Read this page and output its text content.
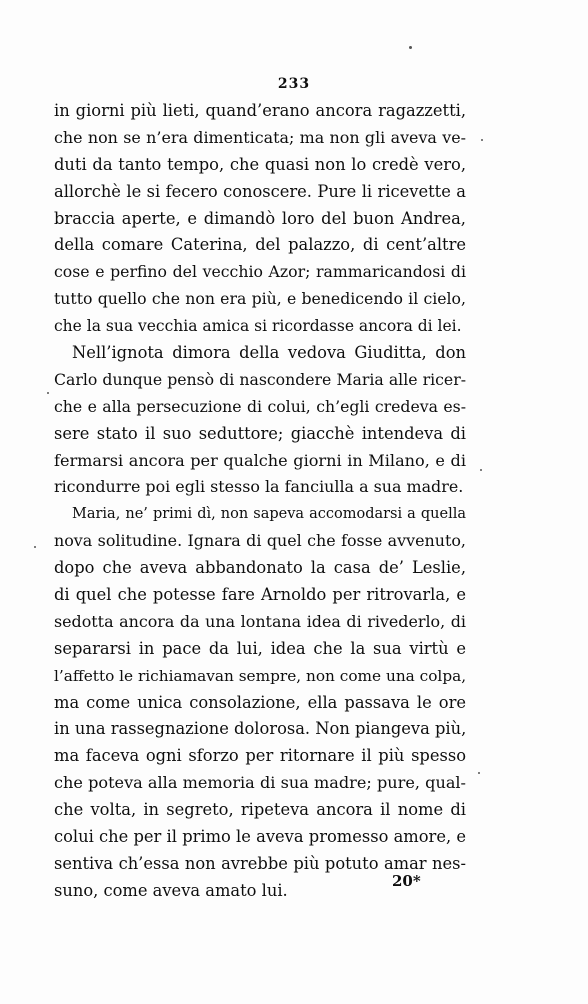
233
in giorni più lieti, quand’erano ancora ragazzetti,
che non se n’era dimenticata; ma non gli aveva ve-
duti da tanto tempo, che quasi non lo credè vero,
allorchè le si fecero conoscere. Pure li ricevette a
braccia aperte, e dimandò loro del buon Andrea,
della comare Caterina, del palazzo, di cent’altre
cose e perfino del vecchio Azor; rammaricandosi di
tutto quello che non era più, e benedicendo il cielo,
che la sua vecchia amica si ricordasse ancora di lei.
Nell’ignota dimora della vedova Giuditta, don
Carlo dunque pensò di nascondere Maria alle ricer-
che e alla persecuzione di colui, ch’egli credeva es-
sere stato il suo seduttore; giacchè intendeva di
fermarsi ancora per qualche giorni in Milano, e di
ricondurre poi egli stesso la fanciulla a sua madre.
Maria, ne’ primi dì, non sapeva accomodarsi a quella
nova solitudine. Ignara di quel che fosse avvenuto,
dopo che aveva abbandonato la casa de’ Leslie,
di quel che potesse fare Arnoldo per ritrovarla, e
sedotta ancora da una lontana idea di rivederlo, di
separarsi in pace da lui, idea che la sua virtù e
l’affetto le richiamavan sempre, non come una colpa,
ma come unica consolazione, ella passava le ore
in una rassegnazione dolorosa. Non piangeva più,
ma faceva ogni sforzo per ritornare il più spesso
che poteva alla memoria di sua madre; pure, qual-
che volta, in segreto, ripeteva ancora il nome di
colui che per il primo le aveva promesso amore, e
sentiva ch’essa non avrebbe più potuto amar nes-
suno, come aveva amato lui.	20*
